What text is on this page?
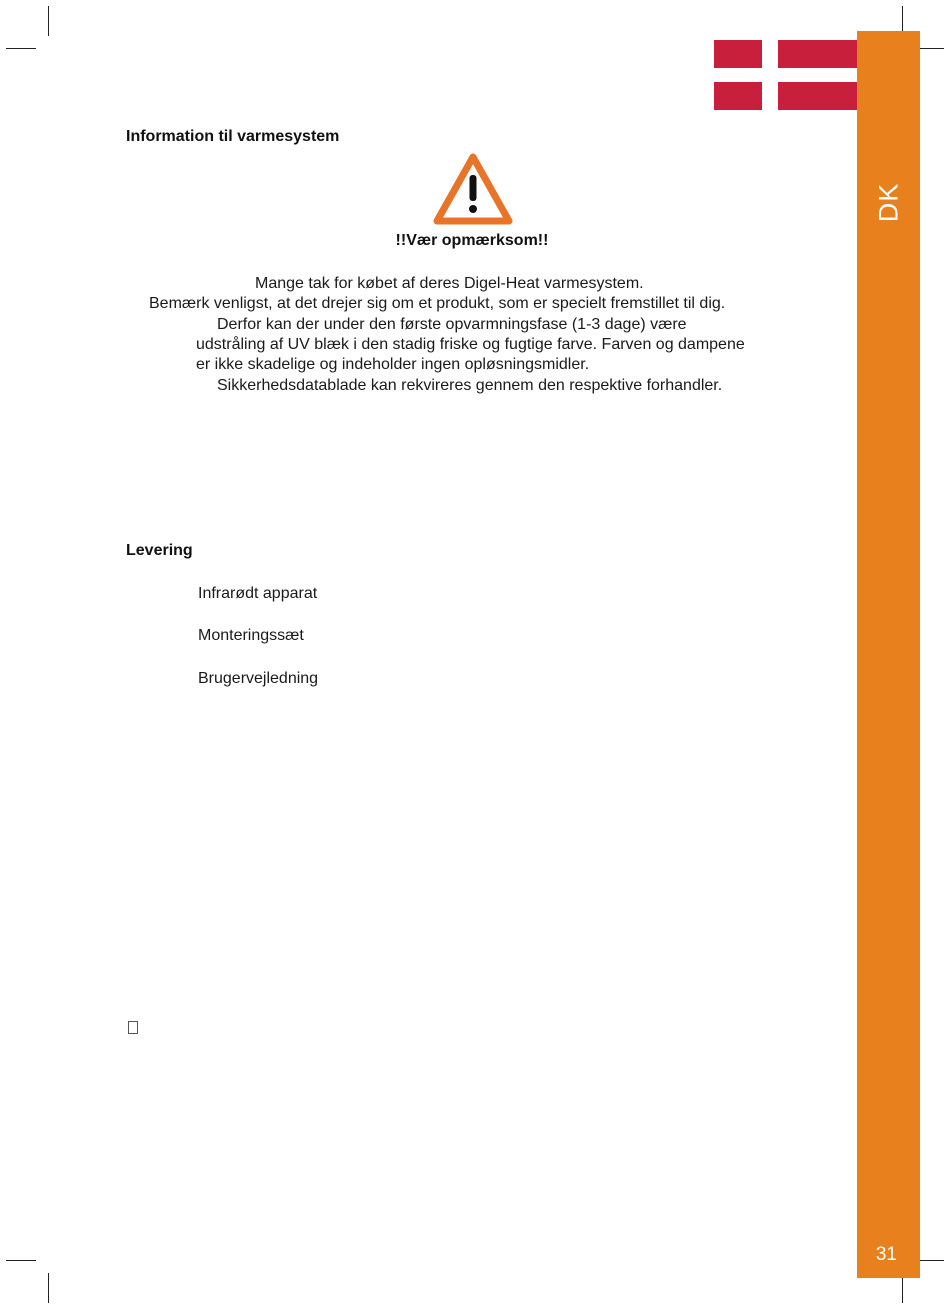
DK
31
Information til varmesystem

!!Vær opmærksom!!

Mange tak for købet af deres Digel-Heat varmesystem.

Bemærk venligst, at det drejer sig om et produkt, som er specielt fremstillet til dig.

Derfor kan der under den første opvarmningsfase (1-3 dage) være

udstråling af UV blæk i den stadig friske og fugtige farve. Farven og dampene

er ikke skadelige og indeholder ingen opløsningsmidler.

Sikkerhedsdatablade kan rekvireres gennem den respektive forhandler.

Levering

Infrarødt apparat

Monteringssæt

Brugervejledning
